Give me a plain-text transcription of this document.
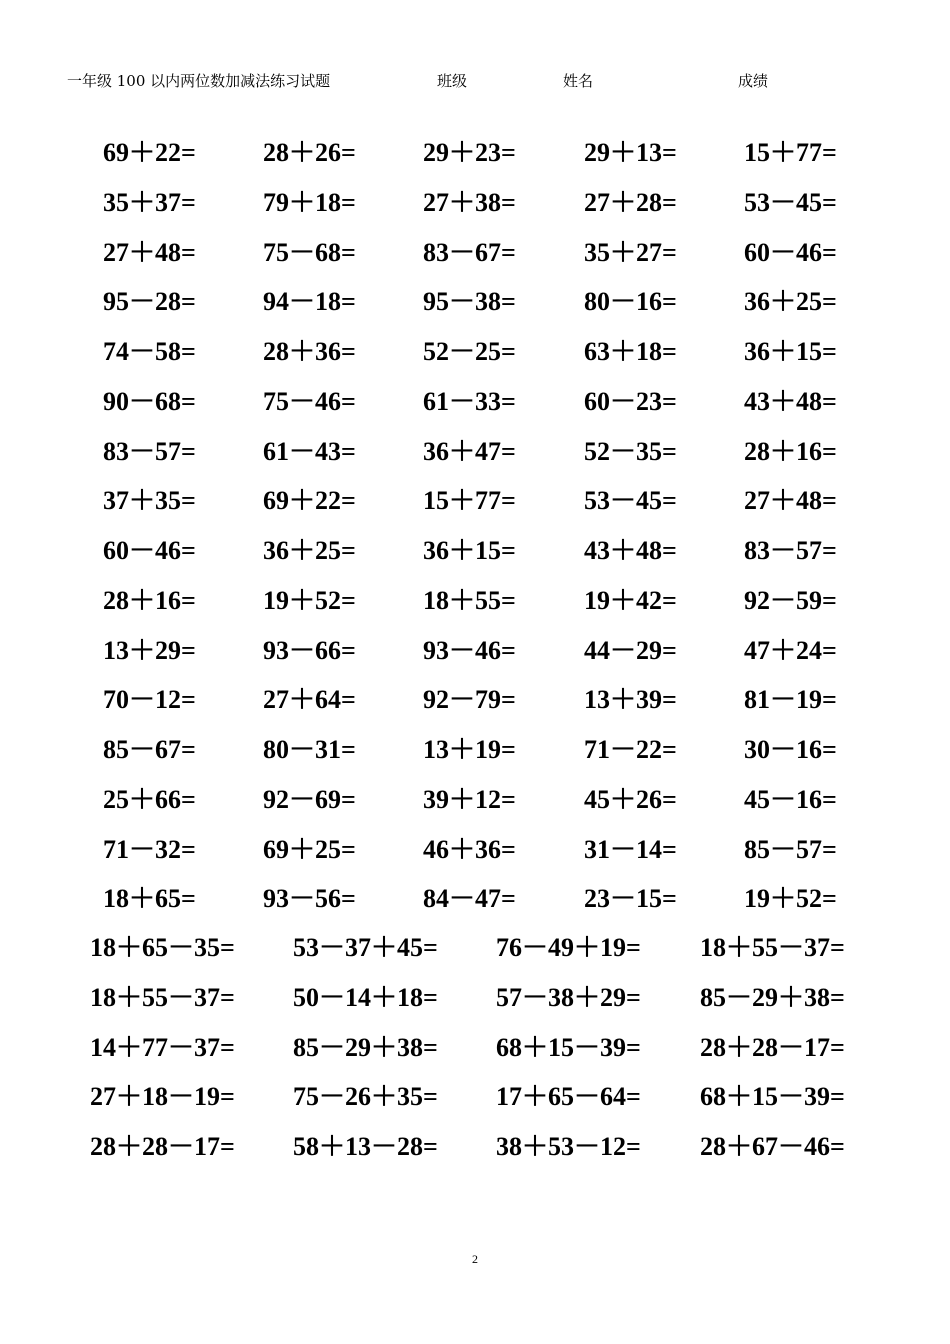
一年级 100 以内两位数加减法练习试题	班级	姓名	成绩
69＋22=	28＋26=	29＋23=	29＋13=	15＋77=
35＋37=	79＋18=	27＋38=	27＋28=	53－45=
27＋48=	75－68=	83－67=	35＋27=	60－46=
95－28=	94－18=	95－38=	80－16=	36＋25=
74－58=	28＋36=	52－25=	63＋18=	36＋15=
90－68=	75－46=	61－33=	60－23=	43＋48=
83－57=	61－43=	36＋47=	52－35=	28＋16=
37＋35=	69＋22=	15＋77=	53－45=	27＋48=
60－46=	36＋25=	36＋15=	43＋48=	83－57=
28＋16=	19＋52=	18＋55=	19＋42=	92－59=
13＋29=	93－66=	93－46=	44－29=	47＋24=
70－12=	27＋64=	92－79=	13＋39=	81－19=
85－67=	80－31=	13＋19=	71－22=	30－16=
25＋66=	92－69=	39＋12=	45＋26=	45－16=
71－32=	69＋25=	46＋36=	31－14=	85－57=
18＋65=	93－56=	84－47=	23－15=	19＋52=
18＋65－35= 53－37＋45= 76－49＋19= 18＋55－37=
18＋55－37= 50－14＋18= 57－38＋29= 85－29＋38=
14＋77－37= 85－29＋38= 68＋15－39= 28＋28－17=
27＋18－19= 75－26＋35= 17＋65－64= 68＋15－39=
28＋28－17= 58＋13－28= 38＋53－12= 28＋67－46=
2
